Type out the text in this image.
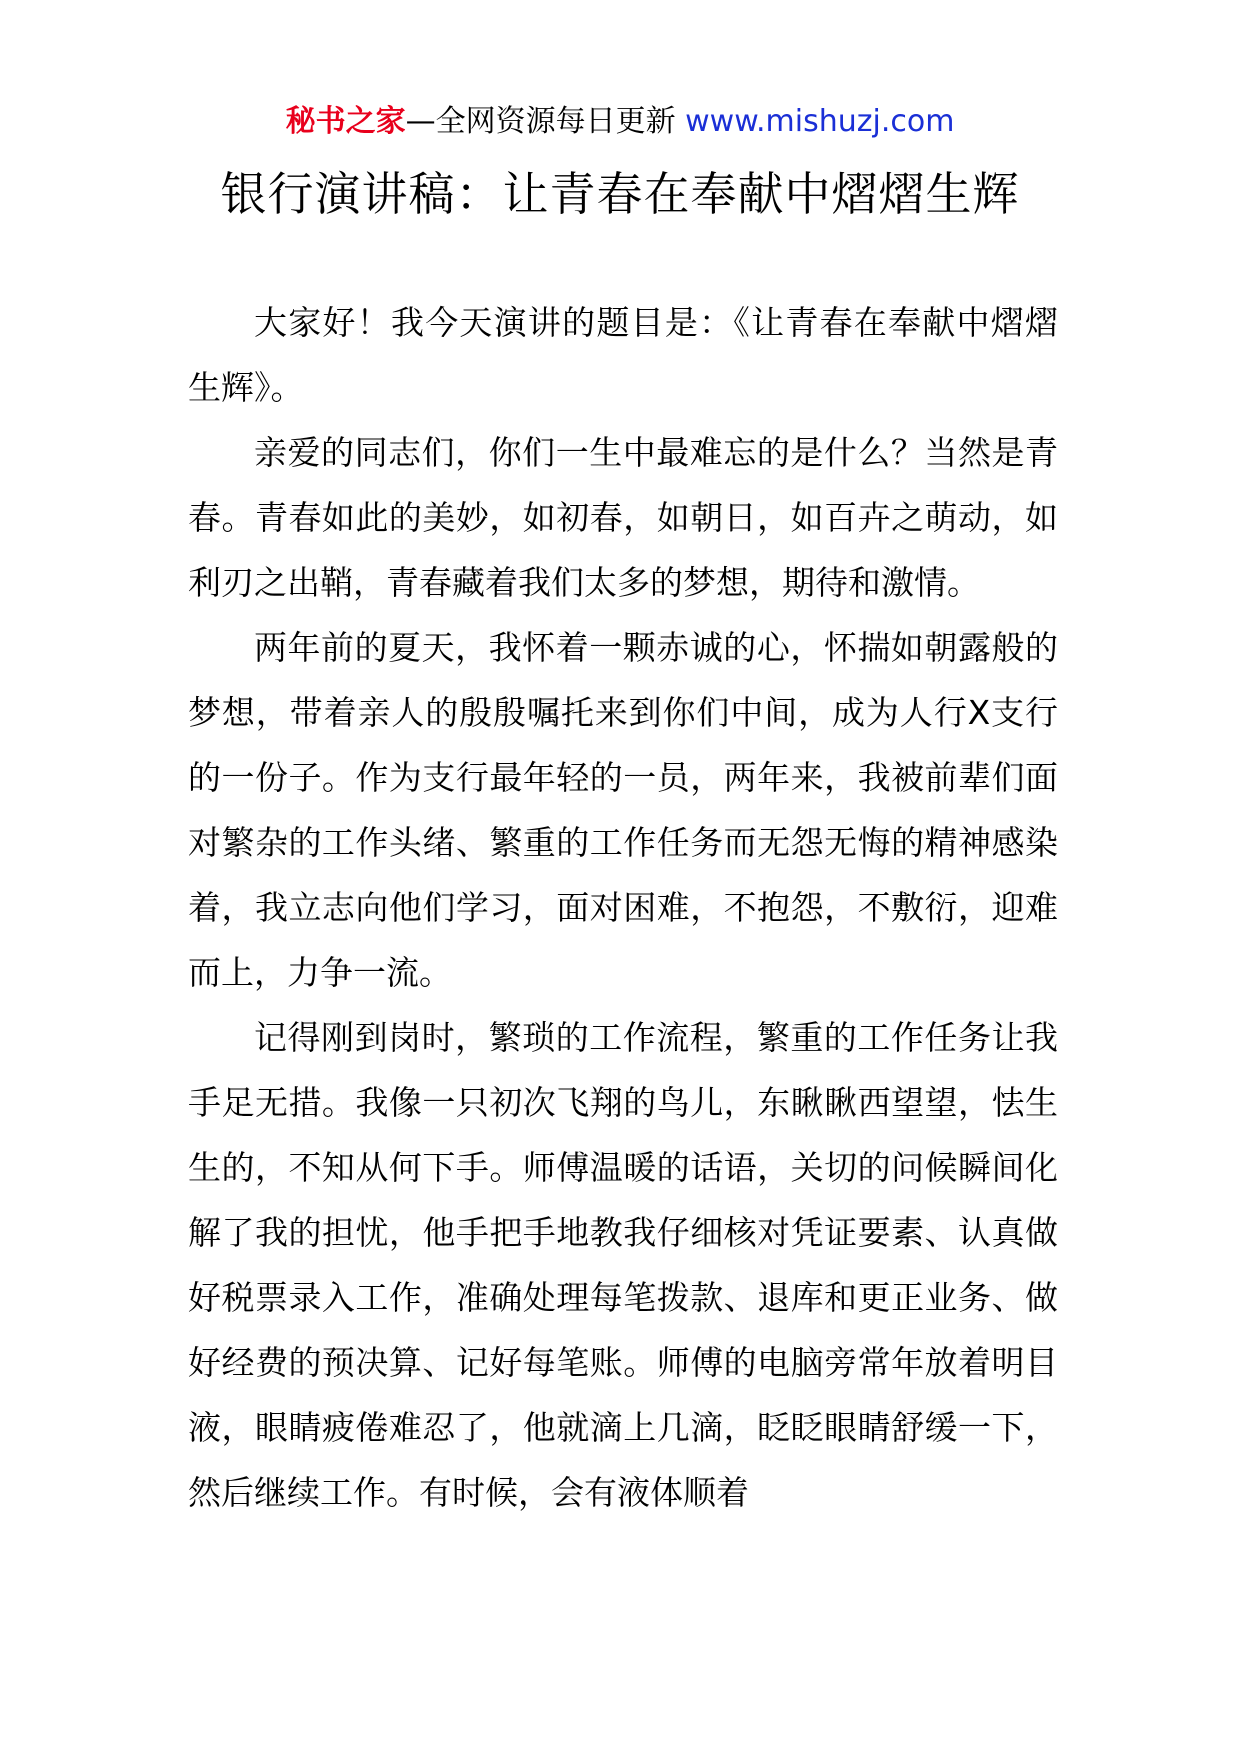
秘书之家—全网资源每日更新 www.mishuzj.com
银行演讲稿：让青春在奉献中熠熠生辉

大家好！我今天演讲的题目是：《让青春在奉献中熠熠生辉》。

亲爱的同志们，你们一生中最难忘的是什么？当然是青春。青春如此的美妙，如初春，如朝日，如百卉之萌动，如利刃之出鞘，青春藏着我们太多的梦想，期待和激情。

两年前的夏天，我怀着一颗赤诚的心，怀揣如朝露般的梦想，带着亲人的殷殷嘱托来到你们中间，成为人行X支行的一份子。作为支行最年轻的一员，两年来，我被前辈们面对繁杂的工作头绪、繁重的工作任务而无怨无悔的精神感染着，我立志向他们学习，面对困难，不抱怨，不敷衍，迎难而上，力争一流。

记得刚到岗时，繁琐的工作流程，繁重的工作任务让我手足无措。我像一只初次飞翔的鸟儿，东瞅瞅西望望，怯生生的，不知从何下手。师傅温暖的话语，关切的问候瞬间化解了我的担忧，他手把手地教我仔细核对凭证要素、认真做好税票录入工作，准确处理每笔拨款、退库和更正业务、做好经费的预决算、记好每笔账。师傅的电脑旁常年放着明目液，眼睛疲倦难忍了，他就滴上几滴，眨眨眼睛舒缓一下，然后继续工作。有时候，会有液体顺着
